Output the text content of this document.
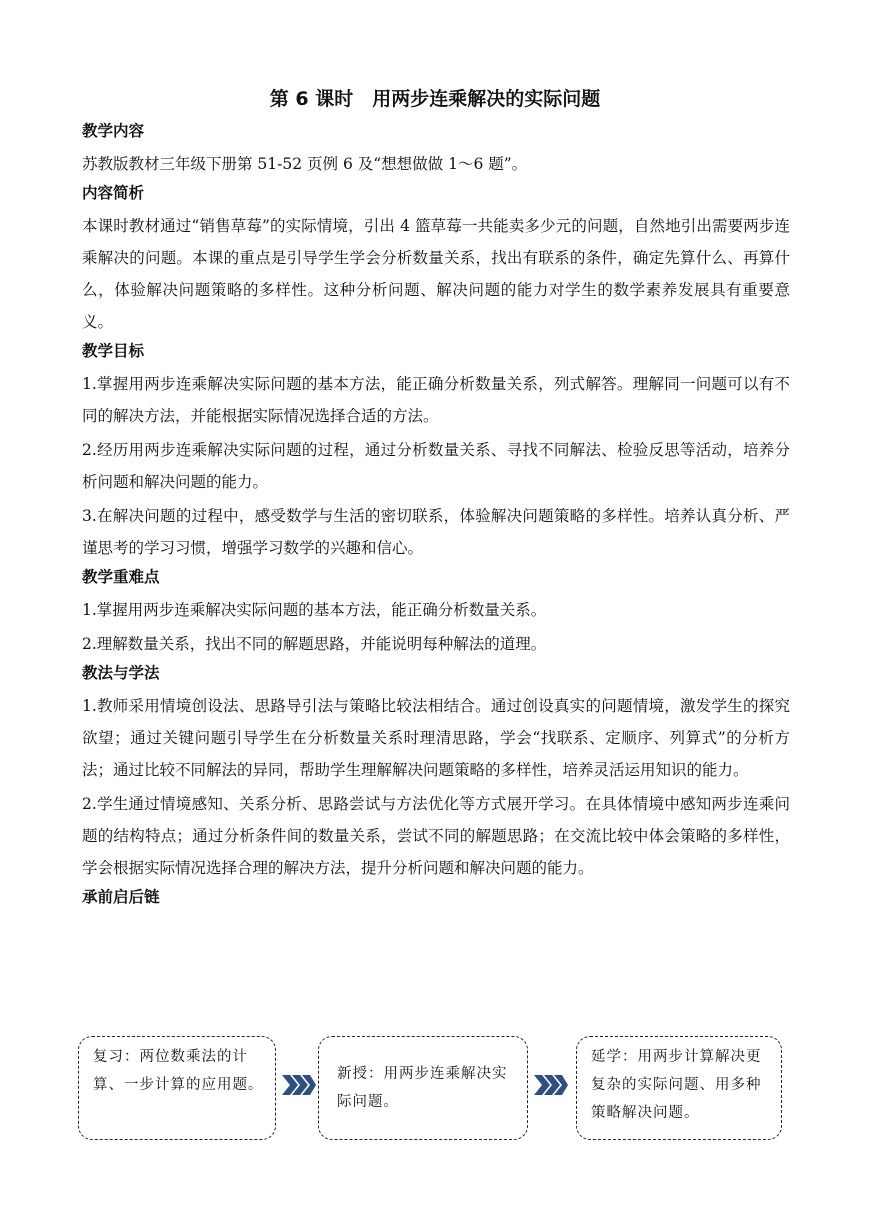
第 6 课时　用两步连乘解决的实际问题
教学内容
苏教版教材三年级下册第 51-52 页例 6 及“想想做做 1～6 题”。
内容简析
本课时教材通过“销售草莓”的实际情境，引出 4 篮草莓一共能卖多少元的问题，自然地引出需要两步连乘解决的问题。本课的重点是引导学生学会分析数量关系，找出有联系的条件，确定先算什么、再算什么，体验解决问题策略的多样性。这种分析问题、解决问题的能力对学生的数学素养发展具有重要意义。
教学目标
1.掌握用两步连乘解决实际问题的基本方法，能正确分析数量关系，列式解答。理解同一问题可以有不同的解决方法，并能根据实际情况选择合适的方法。
2.经历用两步连乘解决实际问题的过程，通过分析数量关系、寻找不同解法、检验反思等活动，培养分析问题和解决问题的能力。
3.在解决问题的过程中，感受数学与生活的密切联系，体验解决问题策略的多样性。培养认真分析、严谨思考的学习习惯，增强学习数学的兴趣和信心。
教学重难点
1.掌握用两步连乘解决实际问题的基本方法，能正确分析数量关系。
2.理解数量关系，找出不同的解题思路，并能说明每种解法的道理。
教法与学法
1.教师采用情境创设法、思路导引法与策略比较法相结合。通过创设真实的问题情境，激发学生的探究欲望；通过关键问题引导学生在分析数量关系时理清思路，学会“找联系、定顺序、列算式”的分析方法；通过比较不同解法的异同，帮助学生理解解决问题策略的多样性，培养灵活运用知识的能力。
2.学生通过情境感知、关系分析、思路尝试与方法优化等方式展开学习。在具体情境中感知两步连乘问题的结构特点；通过分析条件间的数量关系，尝试不同的解题思路；在交流比较中体会策略的多样性，学会根据实际情况选择合理的解决方法，提升分析问题和解决问题的能力。
承前启后链
复习：两位数乘法的计算、一步计算的应用题。
新授：用两步连乘解决实际问题。
延学：用两步计算解决更复杂的实际问题、用多种策略解决问题。
